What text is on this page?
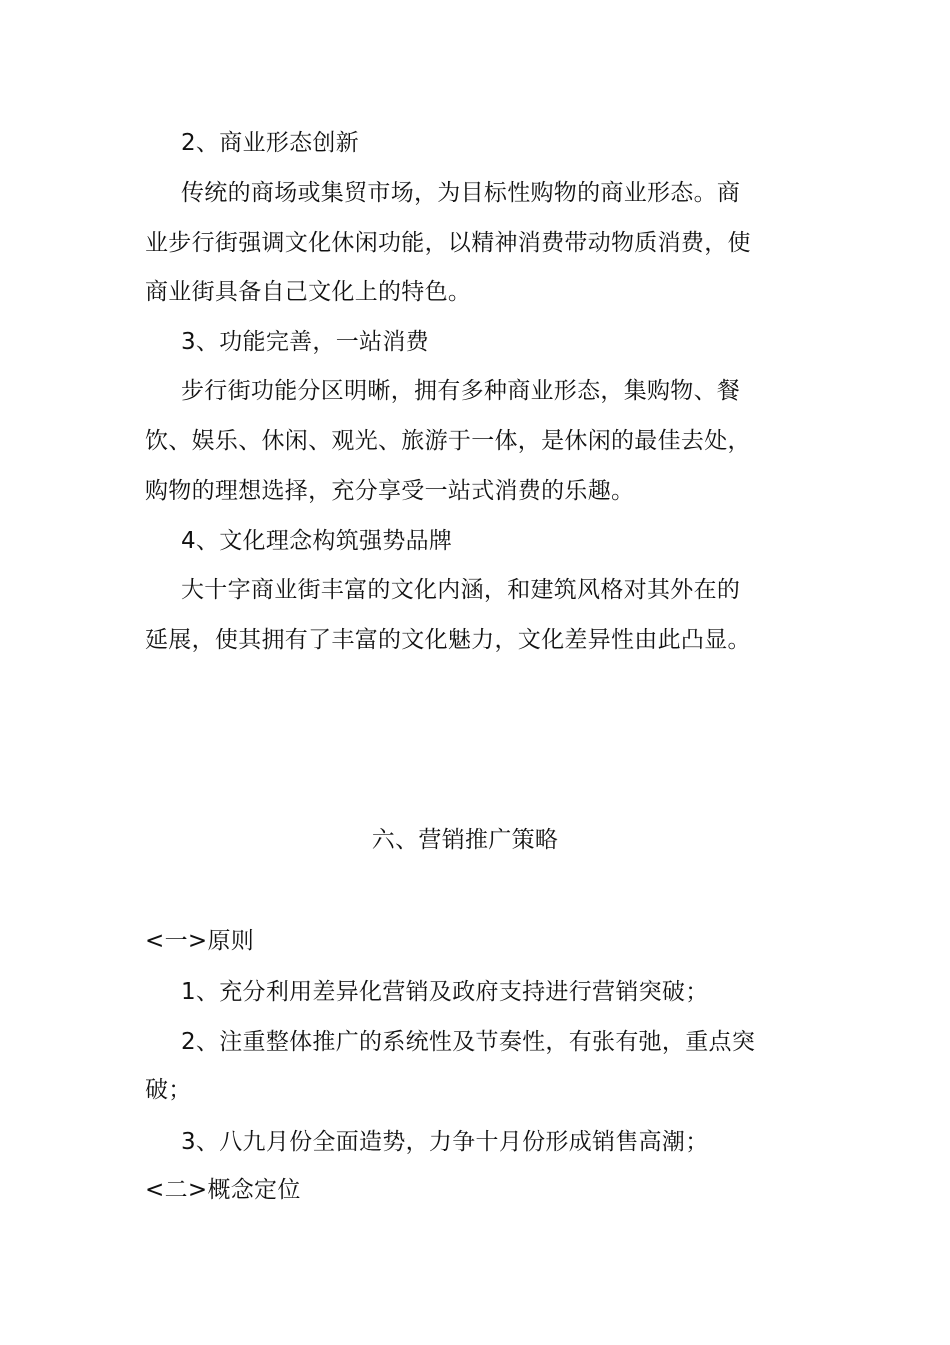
2、商业形态创新
传统的商场或集贸市场，为目标性购物的商业形态。商
业步行街强调文化休闲功能，以精神消费带动物质消费，使
商业街具备自己文化上的特色。
3、功能完善，一站消费
步行街功能分区明晰，拥有多种商业形态，集购物、餐
饮、娱乐、休闲、观光、旅游于一体，是休闲的最佳去处，
购物的理想选择，充分享受一站式消费的乐趣。
4、文化理念构筑强势品牌
大十字商业街丰富的文化内涵，和建筑风格对其外在的
延展，使其拥有了丰富的文化魅力，文化差异性由此凸显。
六、营销推广策略
<一>原则
1、充分利用差异化营销及政府支持进行营销突破；
2、注重整体推广的系统性及节奏性，有张有弛，重点突
破；
3、八九月份全面造势，力争十月份形成销售高潮；
<二>概念定位
